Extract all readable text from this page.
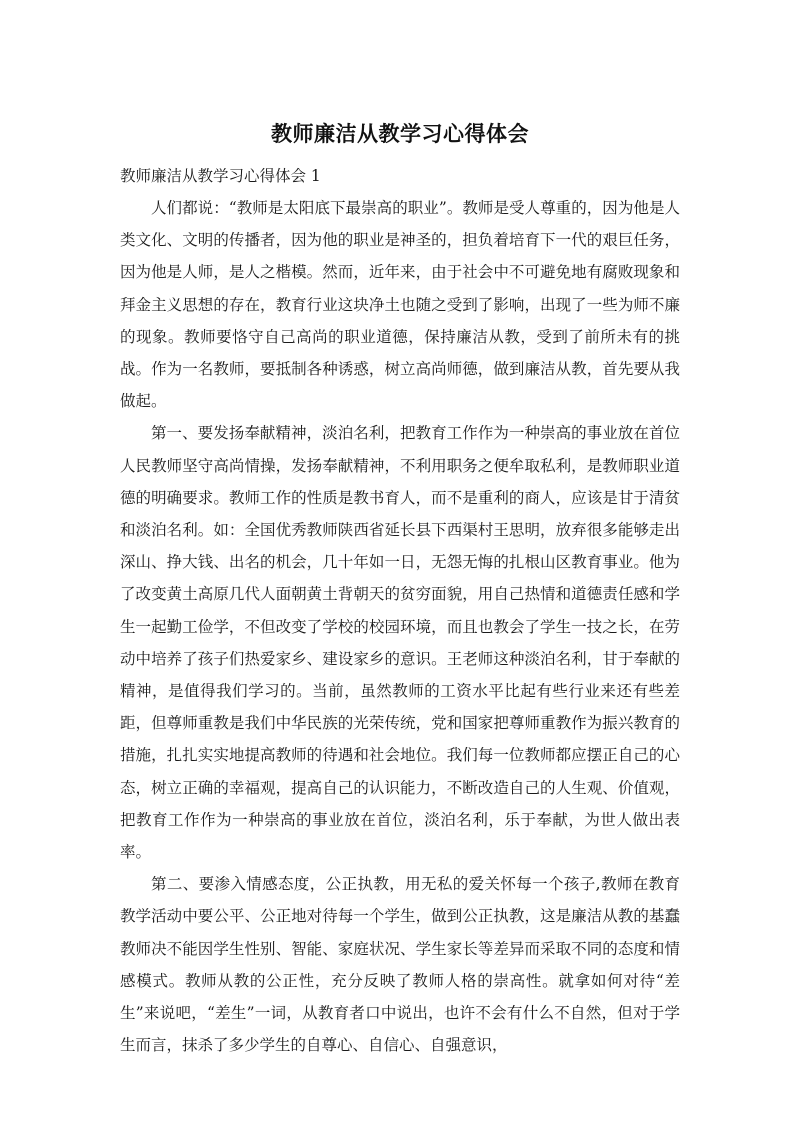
教师廉洁从教学习心得体会
教师廉洁从教学习心得体会 1

人们都说：“教师是太阳底下最崇高的职业”。教师是受人尊重的，因为他是人类文化、文明的传播者，因为他的职业是神圣的，担负着培育下一代的艰巨任务，因为他是人师，是人之楷模。然而，近年来，由于社会中不可避免地有腐败现象和拜金主义思想的存在，教育行业这块净土也随之受到了影响，出现了一些为师不廉的现象。教师要恪守自己高尚的职业道德，保持廉洁从教，受到了前所未有的挑战。作为一名教师，要抵制各种诱惑，树立高尚师德，做到廉洁从教，首先要从我做起。

第一、要发扬奉献精神，淡泊名利，把教育工作作为一种崇高的事业放在首位人民教师坚守高尚情操，发扬奉献精神，不利用职务之便牟取私利，是教师职业道德的明确要求。教师工作的性质是教书育人，而不是重利的商人，应该是甘于清贫和淡泊名利。如：全国优秀教师陕西省延长县下西渠村王思明，放弃很多能够走出深山、挣大钱、出名的机会，几十年如一日，无怨无悔的扎根山区教育事业。他为了改变黄土高原几代人面朝黄土背朝天的贫穷面貌，用自己热情和道德责任感和学生一起勤工俭学，不但改变了学校的校园环境，而且也教会了学生一技之长，在劳动中培养了孩子们热爱家乡、建设家乡的意识。王老师这种淡泊名利，甘于奉献的精神，是值得我们学习的。当前，虽然教师的工资水平比起有些行业来还有些差距，但尊师重教是我们中华民族的光荣传统，党和国家把尊师重教作为振兴教育的措施，扎扎实实地提高教师的待遇和社会地位。我们每一位教师都应摆正自己的心态，树立正确的幸福观，提高自己的认识能力，不断改造自己的人生观、价值观，把教育工作作为一种崇高的事业放在首位，淡泊名利，乐于奉献，为世人做出表率。

第二、要渗入情感态度，公正执教，用无私的爱关怀每一个孩子,教师在教育教学活动中要公平、公正地对待每一个学生，做到公正执教，这是廉洁从教的基蠢教师决不能因学生性别、智能、家庭状况、学生家长等差异而采取不同的态度和情感模式。教师从教的公正性，充分反映了教师人格的崇高性。就拿如何对待“差生”来说吧，“差生”一词，从教育者口中说出，也许不会有什么不自然，但对于学生而言，抹杀了多少学生的自尊心、自信心、自强意识，
